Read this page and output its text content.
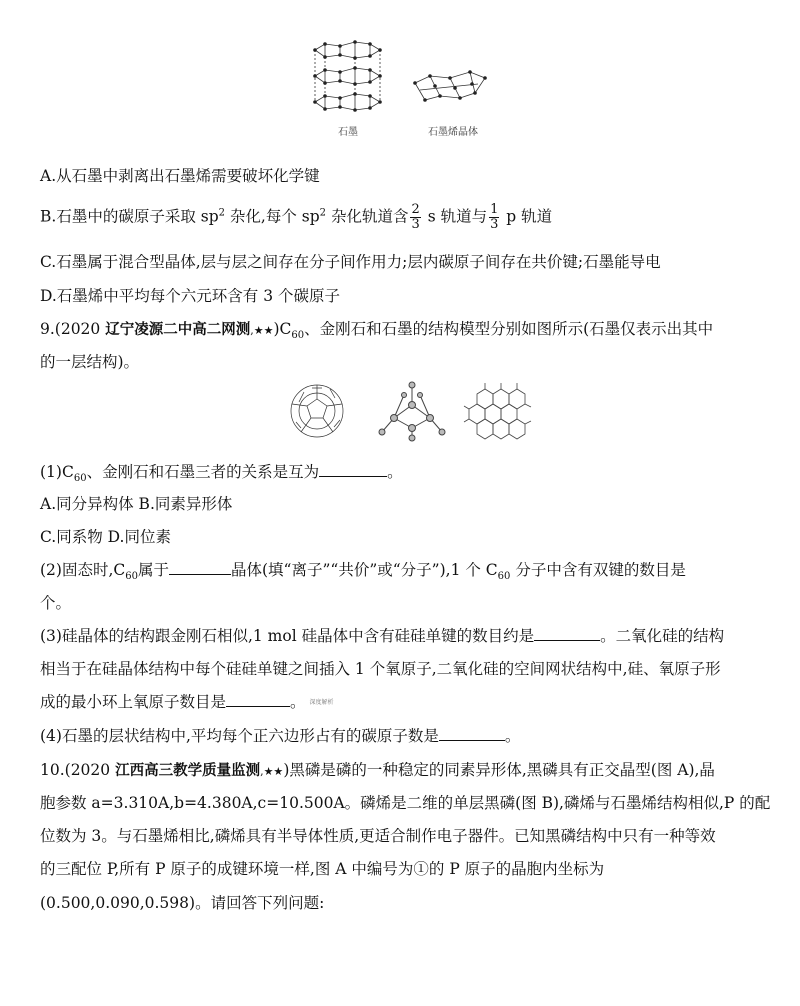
石墨	石墨烯晶体
A.从石墨中剥离出石墨烯需要破坏化学键
B.石墨中的碳原子采取 $sp^2$ 杂化,每个 $sp^2$ 杂化轨道含 $\frac{2}{3}$ s 轨道与 $\frac{1}{3}$ p 轨道
C.石墨属于混合型晶体,层与层之间存在分子间作用力;层内碳原子间存在共价键;石墨能导电
D.石墨烯中平均每个六元环含有 3 个碳原子
9.(2020 辽宁凌源二中高二网测$,★★)C_{60}$、金刚石和石墨的结构模型分别如图所示(石墨仅表示出其中
的一层结构)。
$(1)C_{60}$、金刚石和石墨三者的关系是互为	。
A.同分异构体 B.同素异形体
C.同系物 D.同位素
(2)固态时$,C_{60}$属于	晶体(填“离子”“共价”或“分子”),1 个 $C_{60}$ 分子中含有双键的数目是
个。
(3)硅晶体的结构跟金刚石相似,1 mol 硅晶体中含有硅硅单键的数目约是	。二氧化硅的结构
相当于在硅晶体结构中每个硅硅单键之间插入 1 个氧原子,二氧化硅的空间网状结构中,硅、氧原子形
成的最小环上氧原子数目是	。 深度解析
(4)石墨的层状结构中,平均每个正六边形占有的碳原子数是	。
10.(2020 江西高三教学质量监测,★★)黑磷是磷的一种稳定的同素异形体,黑磷具有正交晶型(图 A),晶
胞参数 a=3.310A,b=4.380A,c=10.500A。磷烯是二维的单层黑磷(图 B),磷烯与石墨烯结构相似,P 的配
位数为 3。与石墨烯相比,磷烯具有半导体性质,更适合制作电子器件。已知黑磷结构中只有一种等效
的三配位 P,所有 P 原子的成键环境一样,图 A 中编号为①的 P 原子的晶胞内坐标为
(0.500,0.090,0.598)。请回答下列问题:
